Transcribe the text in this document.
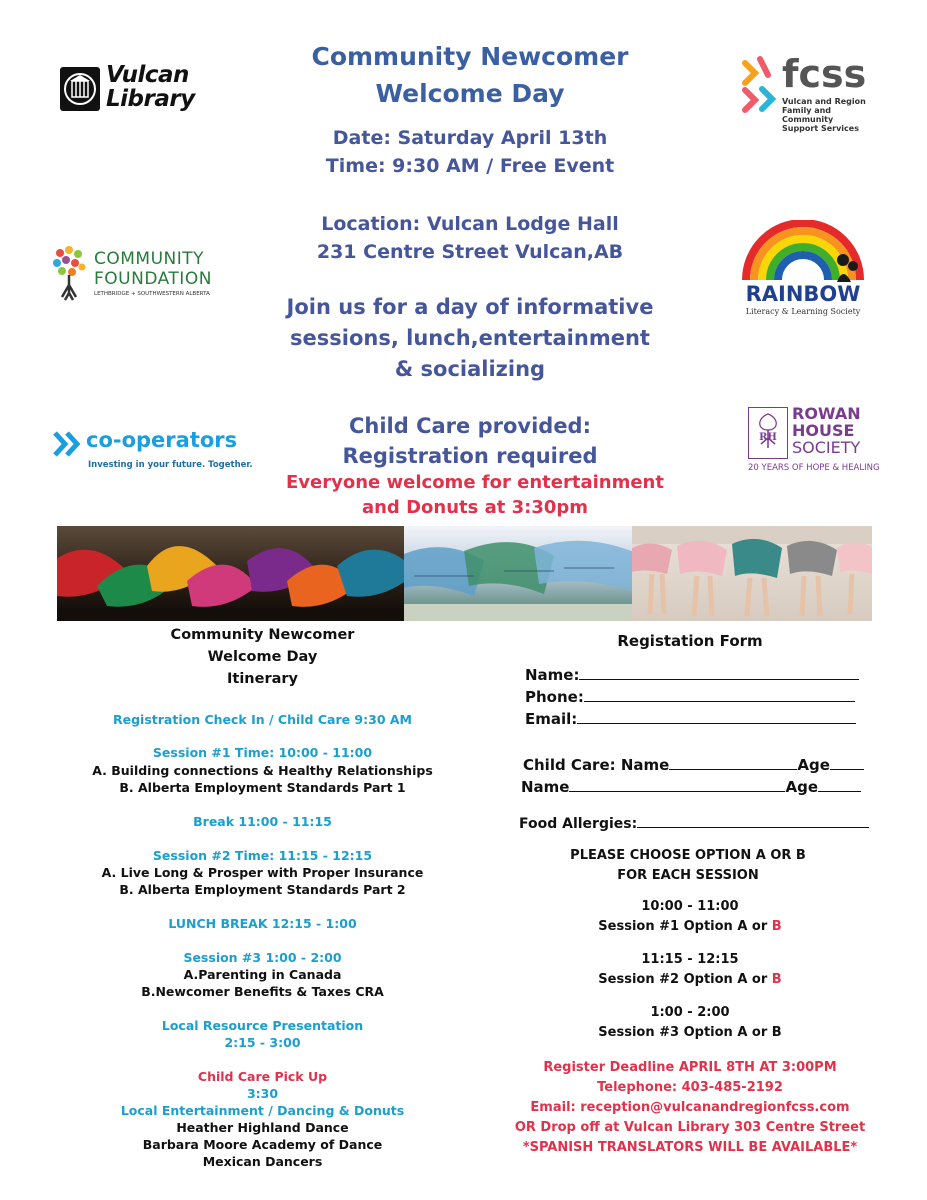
Community Newcomer
Welcome Day
Date: Saturday April 13th
Time: 9:30 AM / Free Event
Location: Vulcan Lodge Hall
231 Centre Street Vulcan,AB
Join us for a day of informative
sessions, lunch,entertainment
& socializing
Child Care provided:
Registration required
Everyone welcome for entertainment
and Donuts at 3:30pm
Vulcan
Library
fcss
Vulcan and Region
Family and Community
Support Services
COMMUNITY
FOUNDATION
LETHBRIDGE + SOUTHWESTERN ALBERTA	RAINBOW
Literacy & Learning Society
co-operators
Investing in your future. Together.
RH
ROWAN
HOUSE
SOCIETY
20 YEARS OF HOPE & HEALING
Community Newcomer
Welcome Day
Itinerary
Registration Check In / Child Care 9:30 AM
Session #1 Time: 10:00 - 11:00
A. Building connections & Healthy Relationships
B. Alberta Employment Standards Part 1
Break 11:00 - 11:15
Session #2 Time: 11:15 - 12:15
A. Live Long & Prosper with Proper Insurance
B. Alberta Employment Standards Part 2
LUNCH BREAK 12:15 - 1:00
Session #3 1:00 - 2:00
A.Parenting in Canada
B.Newcomer Benefits & Taxes CRA
Local Resource Presentation
2:15 - 3:00
Child Care Pick Up
3:30
Local Entertainment / Dancing & Donuts
Heather Highland Dance
Barbara Moore Academy of Dance
Mexican Dancers
Registation Form
Name:
Phone:
Email:
Child Care: Name	Age
Name	Age
Food Allergies:
PLEASE CHOOSE OPTION A OR B
FOR EACH SESSION
10:00 - 11:00
Session #1 Option A or B
11:15 - 12:15
Session #2 Option A or B
1:00 - 2:00
Session #3 Option A or B
Register Deadline APRIL 8TH AT 3:00PM
Telephone: 403-485-2192
Email: reception@vulcanandregionfcss.com
OR Drop off at Vulcan Library 303 Centre Street
*SPANISH TRANSLATORS WILL BE AVAILABLE*
